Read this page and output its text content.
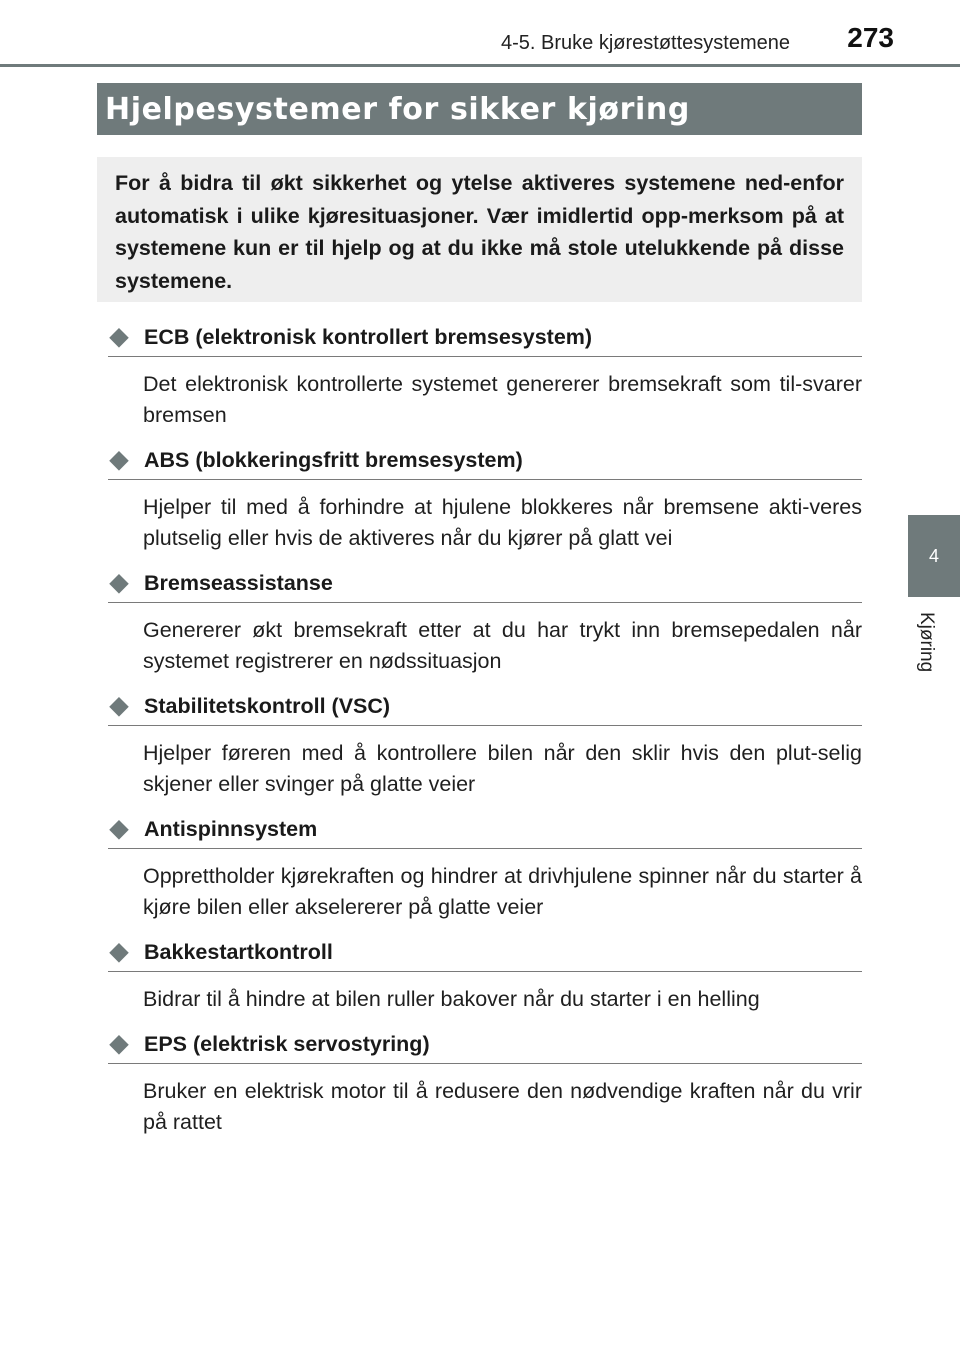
4-5. Bruke kjørestøttesystemene 273
4
Kjøring
Hjelpesystemer for sikker kjøring
For å bidra til økt sikkerhet og ytelse aktiveres systemene ned-enfor automatisk i ulike kjøresituasjoner. Vær imidlertid opp-merksom på at systemene kun er til hjelp og at du ikke må stole utelukkende på disse systemene.
◆ ECB (elektronisk kontrollert bremsesystem)
Det elektronisk kontrollerte systemet genererer bremsekraft som til-svarer bremsen
◆ ABS (blokkeringsfritt bremsesystem)
Hjelper til med å forhindre at hjulene blokkeres når bremsene akti-veres plutselig eller hvis de aktiveres når du kjører på glatt vei
◆ Bremseassistanse
Genererer økt bremsekraft etter at du har trykt inn bremsepedalen når systemet registrerer en nødssituasjon
◆ Stabilitetskontroll (VSC)
Hjelper føreren med å kontrollere bilen når den sklir hvis den plut-selig skjener eller svinger på glatte veier
◆ Antispinnsystem
Opprettholder kjørekraften og hindrer at drivhjulene spinner når du starter å kjøre bilen eller akselererer på glatte veier
◆ Bakkestartkontroll
Bidrar til å hindre at bilen ruller bakover når du starter i en helling
◆ EPS (elektrisk servostyring)
Bruker en elektrisk motor til å redusere den nødvendige kraften når du vrir på rattet
